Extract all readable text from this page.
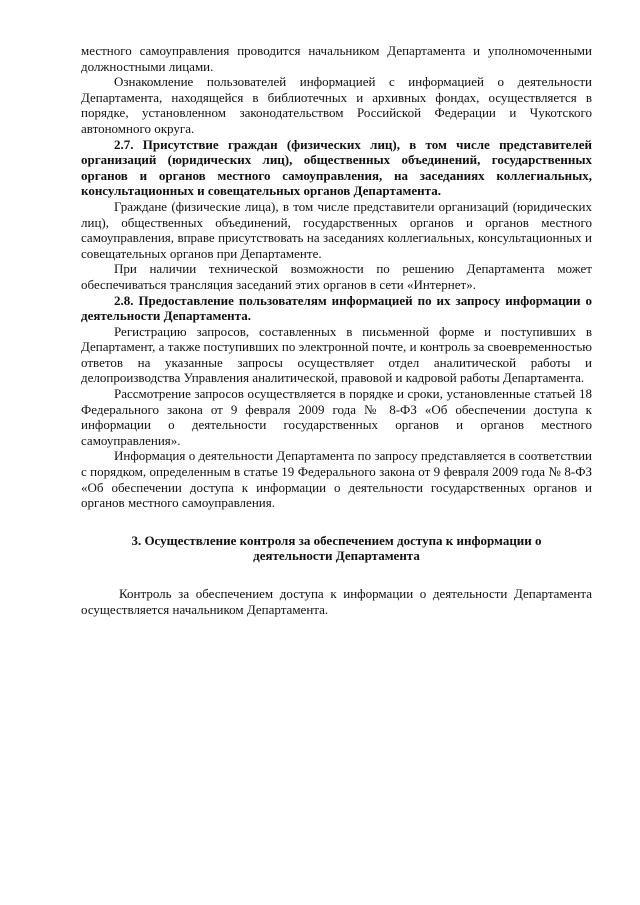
местного самоуправления проводится начальником Департамента и уполномоченными должностными лицами.

Ознакомление пользователей информацией с информацией о деятельности Департамента, находящейся в библиотечных и архивных фондах, осуществляется в порядке, установленном законодательством Российской Федерации и Чукотского автономного округа.

2.7. Присутствие граждан (физических лиц), в том числе представителей организаций (юридических лиц), общественных объединений, государственных органов и органов местного самоуправления, на заседаниях коллегиальных, консультационных и совещательных органов Департамента.

Граждане (физические лица), в том числе представители организаций (юридических лиц), общественных объединений, государственных органов и органов местного самоуправления, вправе присутствовать на заседаниях коллегиальных, консультационных и совещательных органов при Департаменте.

При наличии технической возможности по решению Департамента может обеспечиваться трансляция заседаний этих органов в сети «Интернет».

2.8. Предоставление пользователям информацией по их запросу информации о деятельности Департамента.

Регистрацию запросов, составленных в письменной форме и поступивших в Департамент, а также поступивших по электронной почте, и контроль за своевременностью ответов на указанные запросы осуществляет отдел аналитической работы и делопроизводства Управления аналитической, правовой и кадровой работы Департамента.

Рассмотрение запросов осуществляется в порядке и сроки, установленные статьей 18 Федерального закона от 9 февраля 2009 года № 8-ФЗ «Об обеспечении доступа к информации о деятельности государственных органов и органов местного самоуправления».

Информация о деятельности Департамента по запросу представляется в соответствии с порядком, определенным в статье 19 Федерального закона от 9 февраля 2009 года № 8-ФЗ «Об обеспечении доступа к информации о деятельности государственных органов и органов местного самоуправления.

3. Осуществление контроля за обеспечением доступа к информации о деятельности Департамента

Контроль за обеспечением доступа к информации о деятельности Департамента осуществляется начальником Департамента.
